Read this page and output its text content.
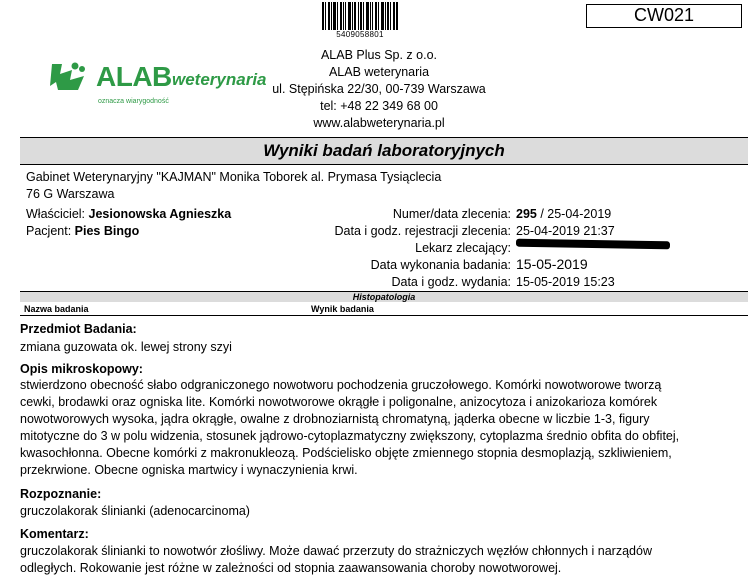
5409058801
CW021
ALAB weterynaria
oznacza wiarygodność
ALAB Plus Sp. z o.o.
ALAB weterynaria
ul. Stępińska 22/30, 00-739 Warszawa
tel: +48 22 349 68 00
www.alabweterynaria.pl
Wyniki badań laboratoryjnych
Gabinet Weterynaryjny "KAJMAN" Monika Toborek al. Prymasa Tysiąclecia
76 G Warszawa
Właściciel: Jesionowska Agnieszka
Pacjent: Pies Bingo
Numer/data zlecenia: 295 / 25-04-2019
Data i godz. rejestracji zlecenia: 25-04-2019 21:37
Lekarz zlecający:
Data wykonania badania: 15-05-2019
Data i godz. wydania: 15-05-2019 15:23
Histopatologia
Nazwa badania	Wynik badania
Przedmiot Badania:
zmiana guzowata ok. lewej strony szyi
Opis mikroskopowy:
stwierdzono obecność słabo odgraniczonego nowotworu pochodzenia gruczołowego. Komórki nowotworowe tworzą
cewki, brodawki oraz ogniska lite. Komórki nowotworowe okrągłe i poligonalne, anizocytoza i anizokarioza komórek
nowotworowych wysoka, jądra okrągłe, owalne z drobnoziarnistą chromatyną, jąderka obecne w liczbie 1-3, figury
mitotyczne do 3 w polu widzenia, stosunek jądrowo-cytoplazmatyczny zwiększony, cytoplazma średnio obfita do obfitej,
kwasochłonna. Obecne komórki z makronukleozą. Podścielisko objęte zmiennego stopnia desmoplazją, szkliwieniem,
przekrwione. Obecne ogniska martwicy i wynaczynienia krwi.
Rozpoznanie:
gruczolakorak ślinianki (adenocarcinoma)
Komentarz:
gruczolakorak ślinianki to nowotwór złośliwy. Może dawać przerzuty do strażniczych węzłów chłonnych i narządów
odległych. Rokowanie jest różne w zależności od stopnia zaawansowania choroby nowotworowej.
